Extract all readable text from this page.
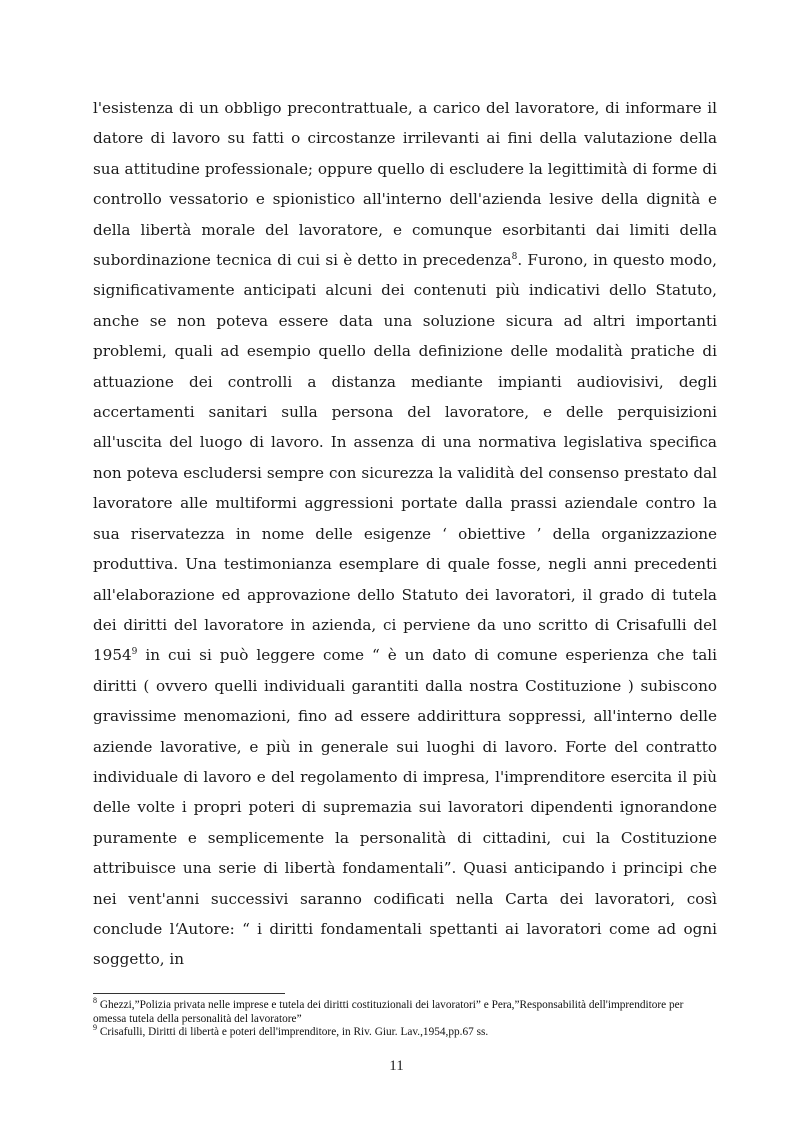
l'esistenza di un obbligo precontrattuale, a carico del lavoratore, di informare il datore di lavoro su fatti o circostanze irrilevanti ai fini della valutazione della sua attitudine professionale; oppure quello di escludere la legittimità di forme di controllo vessatorio e spionistico all'interno dell'azienda lesive della dignità e della libertà morale del lavoratore, e comunque esorbitanti dai limiti della subordinazione tecnica di cui si è detto in precedenza$^8$. Furono, in questo modo, significativamente anticipati alcuni dei contenuti più indicativi dello Statuto, anche se non poteva essere data una soluzione sicura ad altri importanti problemi, quali ad esempio quello della definizione delle modalità pratiche di attuazione dei controlli a distanza mediante impianti audiovisivi, degli accertamenti sanitari sulla persona del lavoratore, e delle perquisizioni all'uscita del luogo di lavoro. In assenza di una normativa legislativa specifica non poteva escludersi sempre con sicurezza la validità del consenso prestato dal lavoratore alle multiformi aggressioni portate dalla prassi aziendale contro la sua riservatezza in nome delle esigenze ‘ obiettive ’ della organizzazione produttiva. Una testimonianza esemplare di quale fosse, negli anni precedenti all'elaborazione ed approvazione dello Statuto dei lavoratori, il grado di tutela dei diritti del lavoratore in azienda, ci perviene da uno scritto di Crisafulli del 1954$^9$ in cui si può leggere come “ è un dato di comune esperienza che tali diritti ( ovvero quelli individuali garantiti dalla nostra Costituzione ) subiscono gravissime menomazioni, fino ad essere addirittura soppressi, all'interno delle aziende lavorative, e più in generale sui luoghi di lavoro. Forte del contratto individuale di lavoro e del regolamento di impresa, l'imprenditore esercita il più delle volte i propri poteri di supremazia sui lavoratori dipendenti ignorandone puramente e semplicemente la personalità di cittadini, cui la Costituzione attribuisce una serie di libertà fondamentali”. Quasi anticipando i principi che nei vent'anni successivi saranno codificati nella Carta dei lavoratori, così conclude l‘Autore: “ i diritti fondamentali spettanti ai lavoratori come ad ogni soggetto, in

$^8$ Ghezzi,”Polizia privata nelle imprese e tutela dei diritti costituzionali dei lavoratori” e Pera,”Responsabilità dell'imprenditore per omessa tutela della personalità del lavoratore”

$^9$ Crisafulli, Diritti di libertà e poteri dell'imprenditore, in Riv. Giur. Lav.,1954,pp.67 ss.

11
